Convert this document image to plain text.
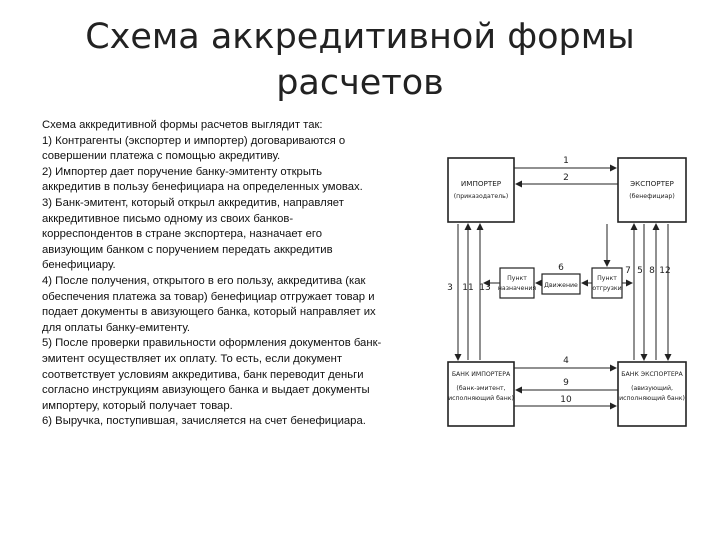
Схема аккредитивной формы
расчетов

Схема аккредитивной формы расчетов выглядит так:

1) Контрагенты (экспортер и импортер) договариваются о

совершении платежа с помощью акредитиву.

2) Импортер дает поручение банку-эмитенту открыть

аккредитив в пользу бенефициара на определенных умовах.

3) Банк-эмитент, который открыл аккредитив, направляет

аккредитивное письмо одному из своих банков-

корреспондентов в стране экспортера, назначает его

авизующим банком с поручением передать аккредитив

бенефициару.

4) После получения, открытого в его пользу, аккредитива (как

обеспечения платежа за товар) бенефициар отгружает товар и

подает документы в авизующего банка, который направляет их

для оплаты банку-емитенту.

5) После проверки правильности оформления документов банк-

эмитент осуществляет их оплату. То есть, если документ

соответствует условиям аккредитива, банк переводит деньги

согласно инструкциям авизующего банка и выдает документы

импортеру, который получает товар.

6) Выручка, поступившая, зачисляется на счет бенефициара.

ИМПОРТЕР
(приказодатель)
ЭКСПОРТЕР
(бенефициар)
БАНК ИМПОРТЕРА
(банк-эмитент,
исполняющий банк)
БАНК ЭКСПОРТЕРА
(авизующий,
исполняющий банк)
Пункт
назначения Движение
Пункт
отгрузки
1
2
4
9
10
3 11 13
6	7 5 8 12
